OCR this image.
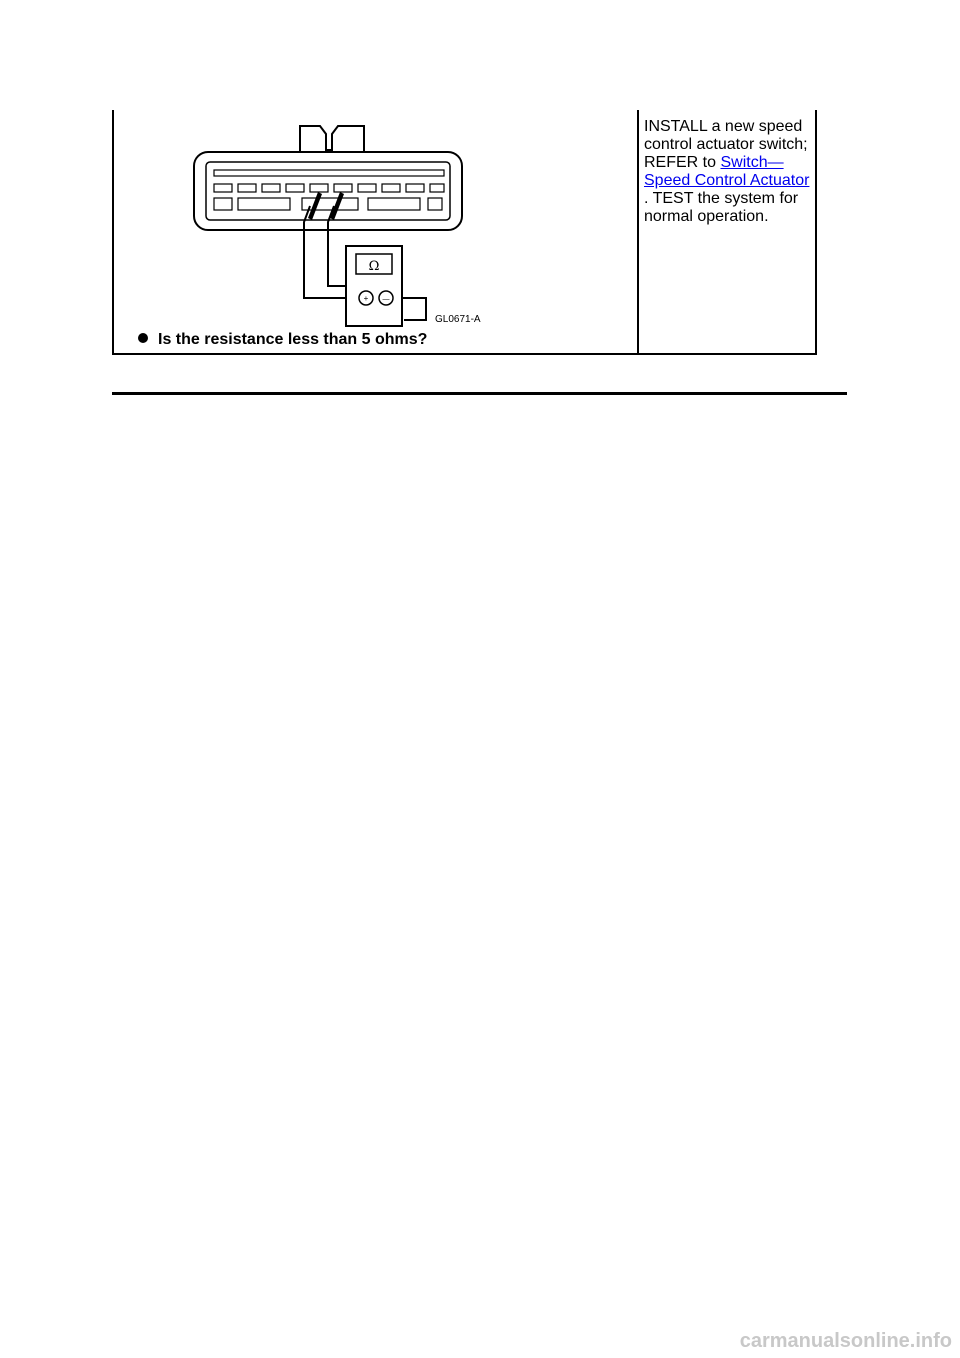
Ω
+ —
GL0671-A
Is the resistance less than 5 ohms?
INSTALL a new speed control actuator switch; REFER to Switch— Speed Control Actuator . TEST the system for normal operation.
carmanualsonline.info
